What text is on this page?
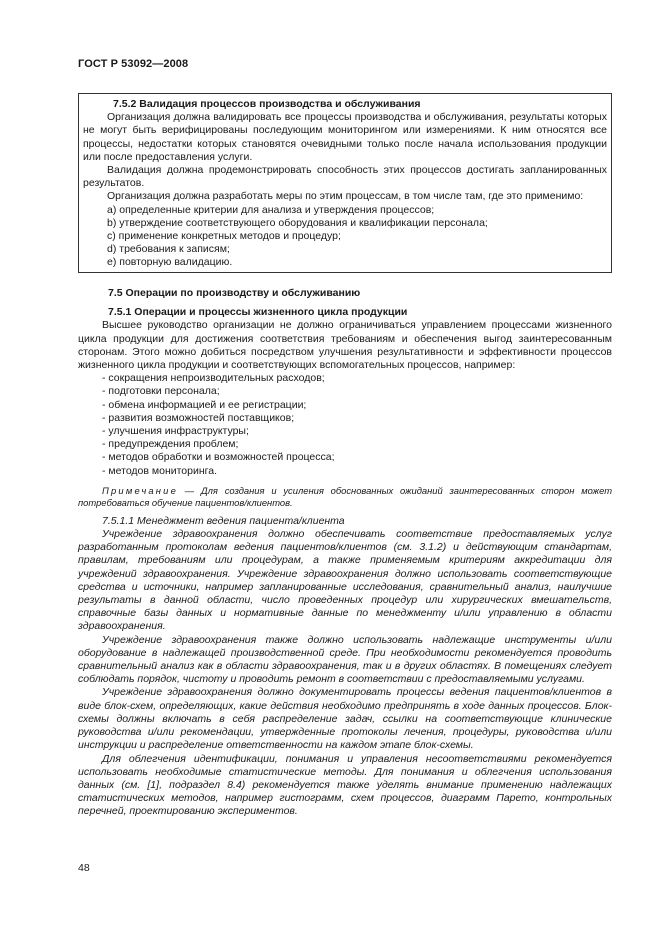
ГОСТ Р 53092—2008

7.5.2 Валидация процессов производства и обслуживания

Организация должна валидировать все процессы производства и обслуживания, результаты которых не могут быть верифицированы последующим мониторингом или измерениями. К ним относятся все процессы, недостатки которых становятся очевидными только после начала использования продукции или после предоставления услуги.

Валидация должна продемонстрировать способность этих процессов достигать запланированных результатов.

Организация должна разработать меры по этим процессам, в том числе там, где это применимо:

а) определенные критерии для анализа и утверждения процессов;

b) утверждение соответствующего оборудования и квалификации персонала;

c) применение конкретных методов и процедур;

d) требования к записям;

e) повторную валидацию.

7.5 Операции по производству и обслуживанию

7.5.1 Операции и процессы жизненного цикла продукции

Высшее руководство организации не должно ограничиваться управлением процессами жизненного цикла продукции для достижения соответствия требованиям и обеспечения выгод заинтересованным сторонам. Этого можно добиться посредством улучшения результативности и эффективности процессов жизненного цикла продукции и соответствующих вспомогательных процессов, например:

- сокращения непроизводительных расходов;

- подготовки персонала;

- обмена информацией и ее регистрации;

- развития возможностей поставщиков;

- улучшения инфраструктуры;

- предупреждения проблем;

- методов обработки и возможностей процесса;

- методов мониторинга.

Примечание — Для создания и усиления обоснованных ожиданий заинтересованных сторон может потребоваться обучение пациентов/клиентов.

7.5.1.1 Менеджмент ведения пациента/клиента

Учреждение здравоохранения должно обеспечивать соответствие предоставляемых услуг разработанным протоколам ведения пациентов/клиентов (см. 3.1.2) и действующим стандартам, правилам, требованиям или процедурам, а также применяемым критериям аккредитации для учреждений здравоохранения. Учреждение здравоохранения должно использовать соответствующие средства и источники, например запланированные исследования, сравнительный анализ, наилучшие результаты в данной области, число проведенных процедур или хирургических вмешательств, справочные базы данных и нормативные данные по менеджменту и/или управлению в области здравоохранения.

Учреждение здравоохранения также должно использовать надлежащие инструменты и/или оборудование в надлежащей производственной среде. При необходимости рекомендуется проводить сравнительный анализ как в области здравоохранения, так и в других областях. В помещениях следует соблюдать порядок, чистоту и проводить ремонт в соответствии с предоставляемыми услугами.

Учреждение здравоохранения должно документировать процессы ведения пациентов/клиентов в виде блок-схем, определяющих, какие действия необходимо предпринять в ходе данных процессов. Блок-схемы должны включать в себя распределение задач, ссылки на соответствующие клинические руководства и/или рекомендации, утвержденные протоколы лечения, процедуры, руководства и/или инструкции и распределение ответственности на каждом этапе блок-схемы.

Для облегчения идентификации, понимания и управления несоответствиями рекомендуется использовать необходимые статистические методы. Для понимания и облегчения использования данных (см. [1], подраздел 8.4) рекомендуется также уделять внимание применению надлежащих статистических методов, например гистограмм, схем процессов, диаграмм Парето, контрольных перечней, проектированию экспериментов.

48
